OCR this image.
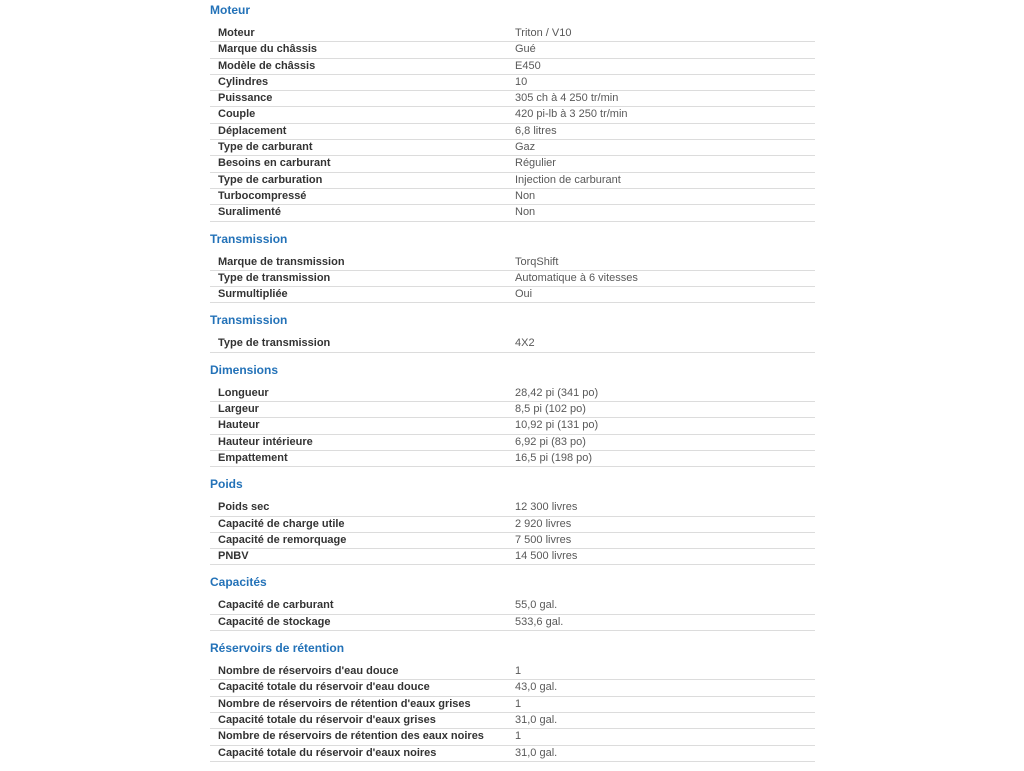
Moteur
Moteur	Triton / V10
Marque du châssis	Gué
Modèle de châssis	E450
Cylindres	10
Puissance	305 ch à 4 250 tr/min
Couple	420 pi-lb à 3 250 tr/min
Déplacement	6,8 litres
Type de carburant	Gaz
Besoins en carburant	Régulier
Type de carburation	Injection de carburant
Turbocompressé	Non
Suralimenté	Non
Transmission
Marque de transmission	TorqShift
Type de transmission	Automatique à 6 vitesses
Surmultipliée	Oui
Transmission
Type de transmission	4X2
Dimensions
Longueur	28,42 pi (341 po)
Largeur	8,5 pi (102 po)
Hauteur	10,92 pi (131 po)
Hauteur intérieure	6,92 pi (83 po)
Empattement	16,5 pi (198 po)
Poids
Poids sec	12 300 livres
Capacité de charge utile	2 920 livres
Capacité de remorquage	7 500 livres
PNBV	14 500 livres
Capacités
Capacité de carburant	55,0 gal.
Capacité de stockage	533,6 gal.
Réservoirs de rétention
Nombre de réservoirs d'eau douce	1
Capacité totale du réservoir d'eau douce	43,0 gal.
Nombre de réservoirs de rétention d'eaux grises	1
Capacité totale du réservoir d'eaux grises	31,0 gal.
Nombre de réservoirs de rétention des eaux noires	1
Capacité totale du réservoir d'eaux noires	31,0 gal.
